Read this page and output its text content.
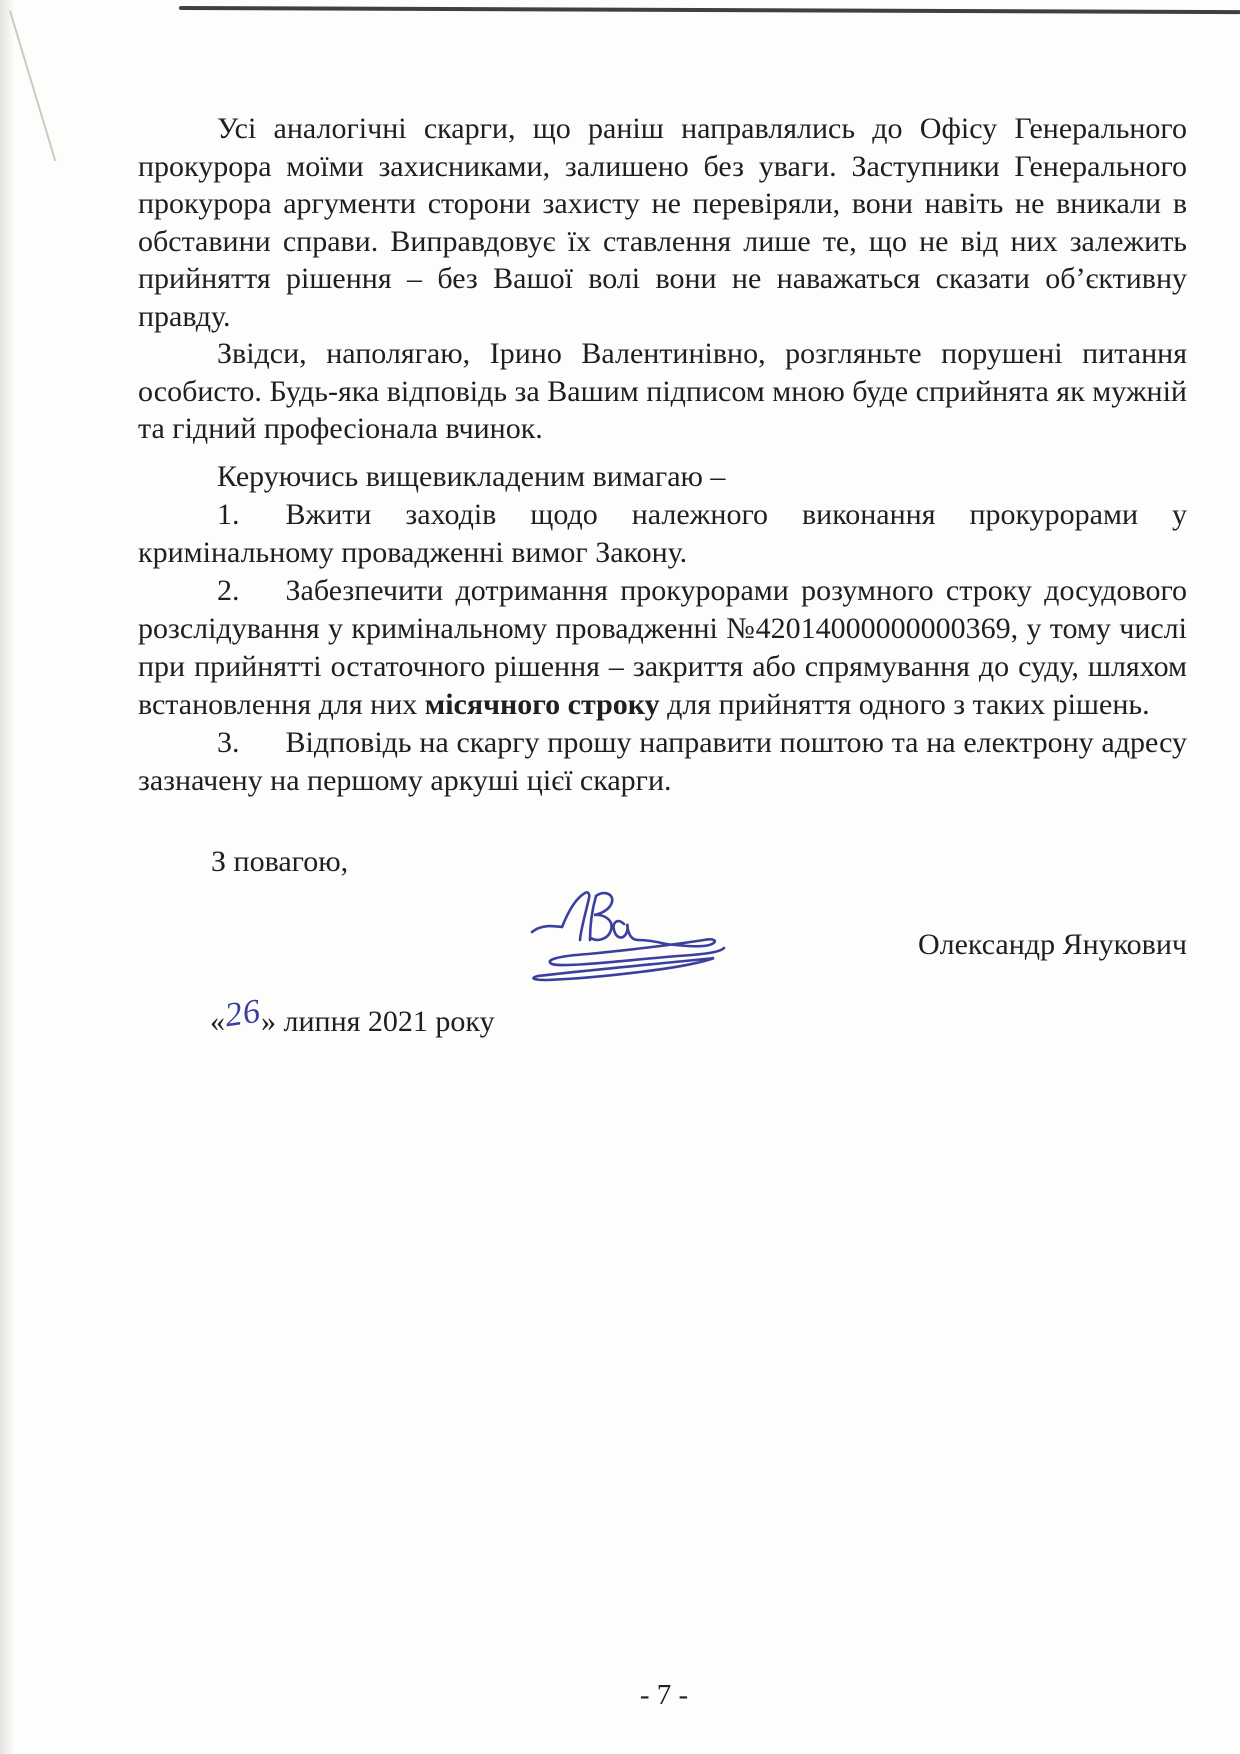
Усі аналогічні скарги, що раніш направлялись до Офісу Генерального прокурора моїми захисниками, залишено без уваги. Заступники Генерального прокурора аргументи сторони захисту не перевіряли, вони навіть не вникали в обставини справи. Виправдовує їх ставлення лише те, що не від них залежить прийняття рішення – без Вашої волі вони не наважаться сказати об’єктивну правду.

Звідси, наполягаю, Ірино Валентинівно, розгляньте порушені питання особисто. Будь-яка відповідь за Вашим підписом мною буде сприйнята як мужній та гідний професіонала вчинок.

Керуючись вищевикладеним вимагаю –

1. Вжити заходів щодо належного виконання прокурорами у кримінальному провадженні вимог Закону.

2. Забезпечити дотримання прокурорами розумного строку досудового розслідування у кримінальному провадженні №42014000000000369, у тому числі при прийнятті остаточного рішення – закриття або спрямування до суду, шляхом встановлення для них місячного строку для прийняття одного з таких рішень.

3. Відповідь на скаргу прошу направити поштою та на електрону адресу зазначену на першому аркуші цієї скарги.

З повагою,

Олександр Янукович
«26» липня 2021 року
- 7 -
